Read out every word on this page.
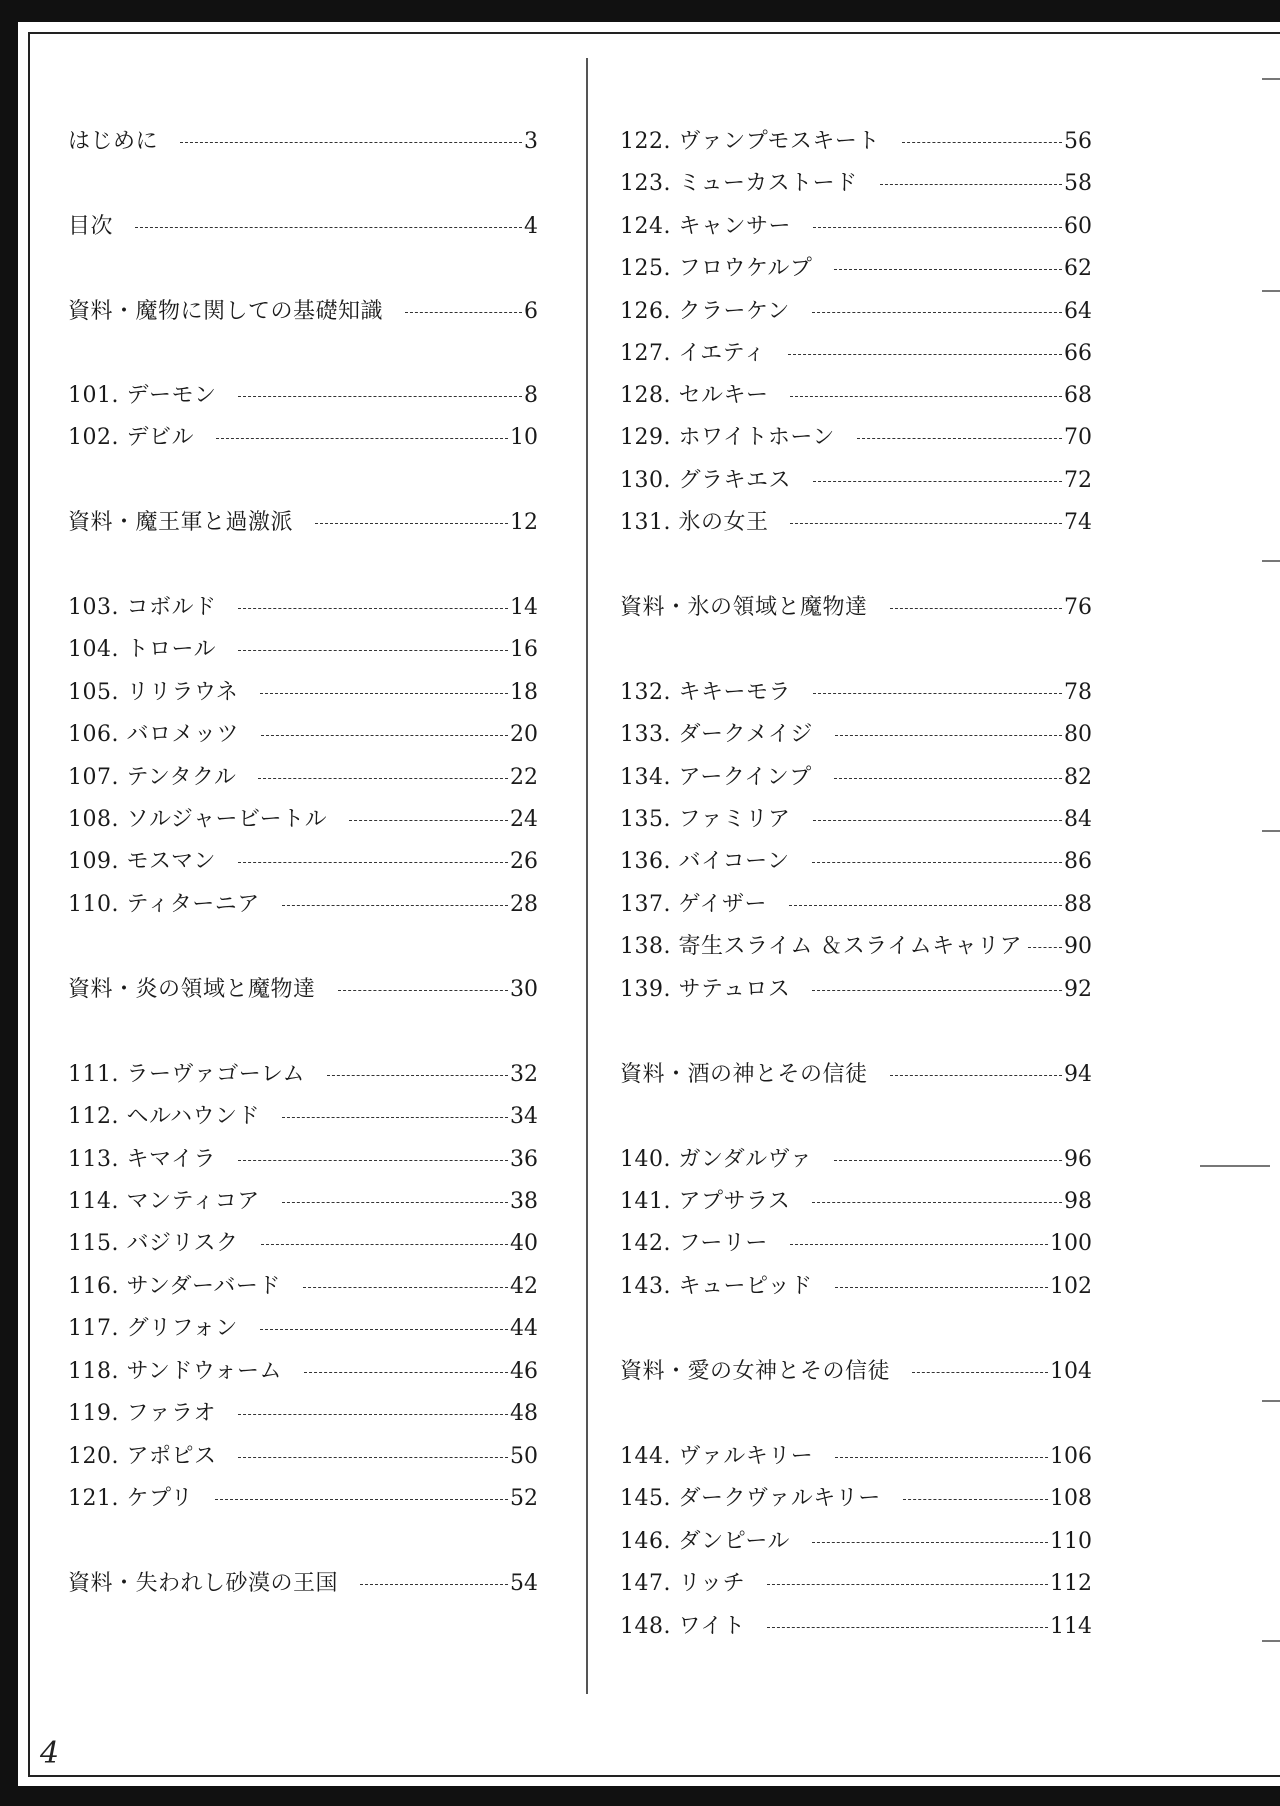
はじめに	3
目次	4
資料・魔物に関しての基礎知識	6
101. デーモン	8
102. デビル	10
資料・魔王軍と過激派	12
103. コボルド	14
104. トロール	16
105. リリラウネ	18
106. バロメッツ	20
107. テンタクル	22
108. ソルジャービートル	24
109. モスマン	26
110. ティターニア	28
資料・炎の領域と魔物達	30
111. ラーヴァゴーレム	32
112. ヘルハウンド	34
113. キマイラ	36
114. マンティコア	38
115. バジリスク	40
116. サンダーバード	42
117. グリフォン	44
118. サンドウォーム	46
119. ファラオ	48
120. アポピス	50
121. ケプリ	52
資料・失われし砂漠の王国	54
122. ヴァンプモスキート	56
123. ミューカストード	58
124. キャンサー	60
125. フロウケルプ	62
126. クラーケン	64
127. イエティ	66
128. セルキー	68
129. ホワイトホーン	70
130. グラキエス	72
131. 氷の女王	74
資料・氷の領域と魔物達	76
132. キキーモラ	78
133. ダークメイジ	80
134. アークインプ	82
135. ファミリア	84
136. バイコーン	86
137. ゲイザー	88
138. 寄生スライム ＆スライムキャリア 90
139. サテュロス	92
資料・酒の神とその信徒	94
140. ガンダルヴァ	96
141. アプサラス	98
142. フーリー	100
143. キューピッド	102
資料・愛の女神とその信徒	104
144. ヴァルキリー	106
145. ダークヴァルキリー	108
146. ダンピール	110
147. リッチ	112
148. ワイト	114
4
